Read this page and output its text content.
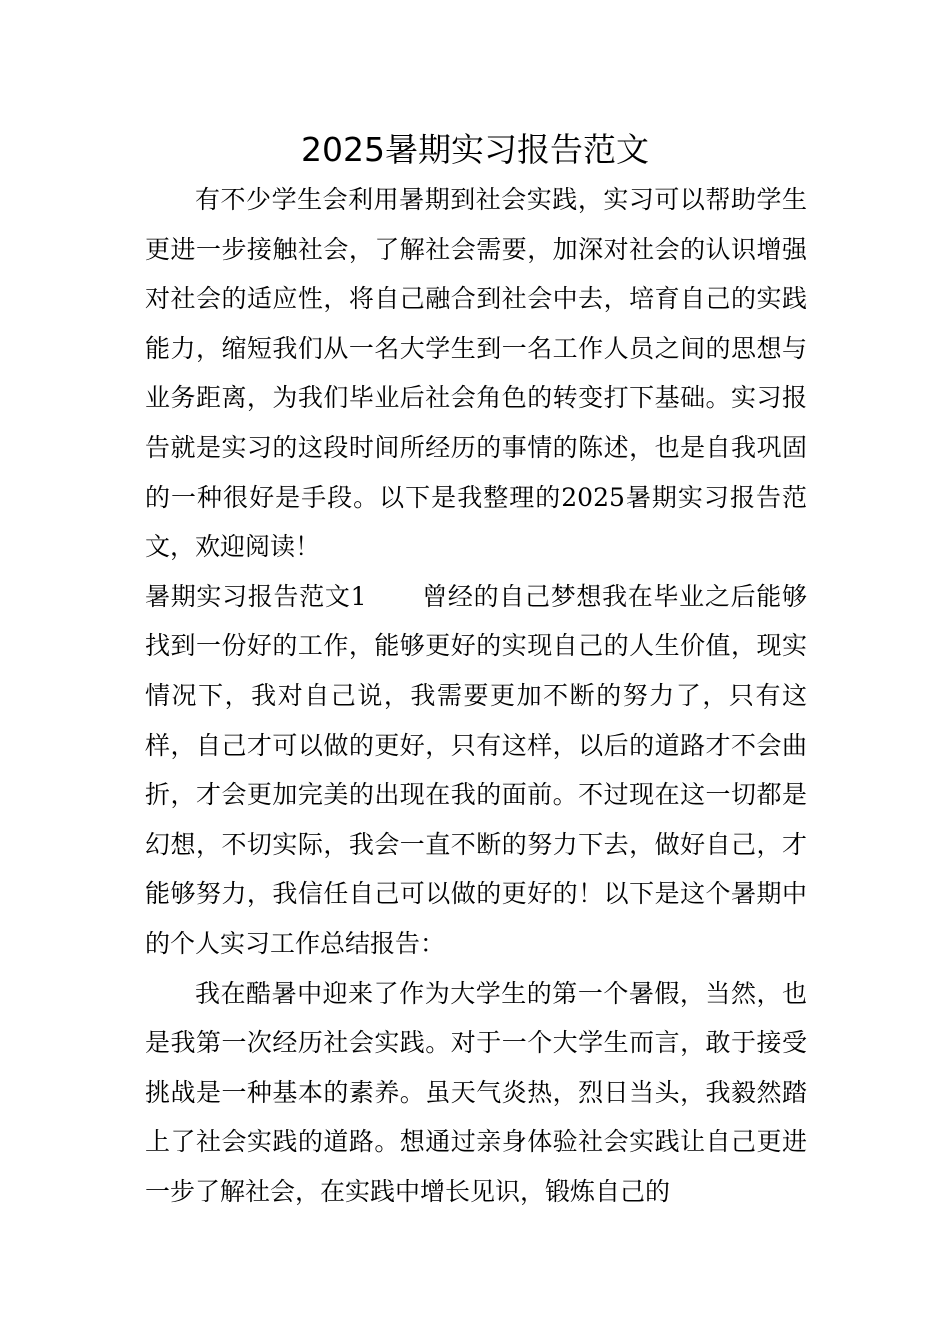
2025暑期实习报告范文

有不少学生会利用暑期到社会实践，实习可以帮助学生更进一步接触社会，了解社会需要，加深对社会的认识增强对社会的适应性，将自己融合到社会中去，培育自己的实践能力，缩短我们从一名大学生到一名工作人员之间的思想与业务距离，为我们毕业后社会角色的转变打下基础。实习报告就是实习的这段时间所经历的事情的陈述，也是自我巩固的一种很好是手段。以下是我整理的2025暑期实习报告范文，欢迎阅读！

暑期实习报告范文1 曾经的自己梦想我在毕业之后能够找到一份好的工作，能够更好的实现自己的人生价值，现实情况下，我对自己说，我需要更加不断的努力了，只有这样，自己才可以做的更好，只有这样，以后的道路才不会曲折，才会更加完美的出现在我的面前。不过现在这一切都是幻想，不切实际，我会一直不断的努力下去，做好自己，才能够努力，我信任自己可以做的更好的！以下是这个暑期中的个人实习工作总结报告：

我在酷暑中迎来了作为大学生的第一个暑假，当然，也是我第一次经历社会实践。对于一个大学生而言，敢于接受挑战是一种基本的素养。虽天气炎热，烈日当头，我毅然踏上了社会实践的道路。想通过亲身体验社会实践让自己更进一步了解社会，在实践中增长见识，锻炼自己的
